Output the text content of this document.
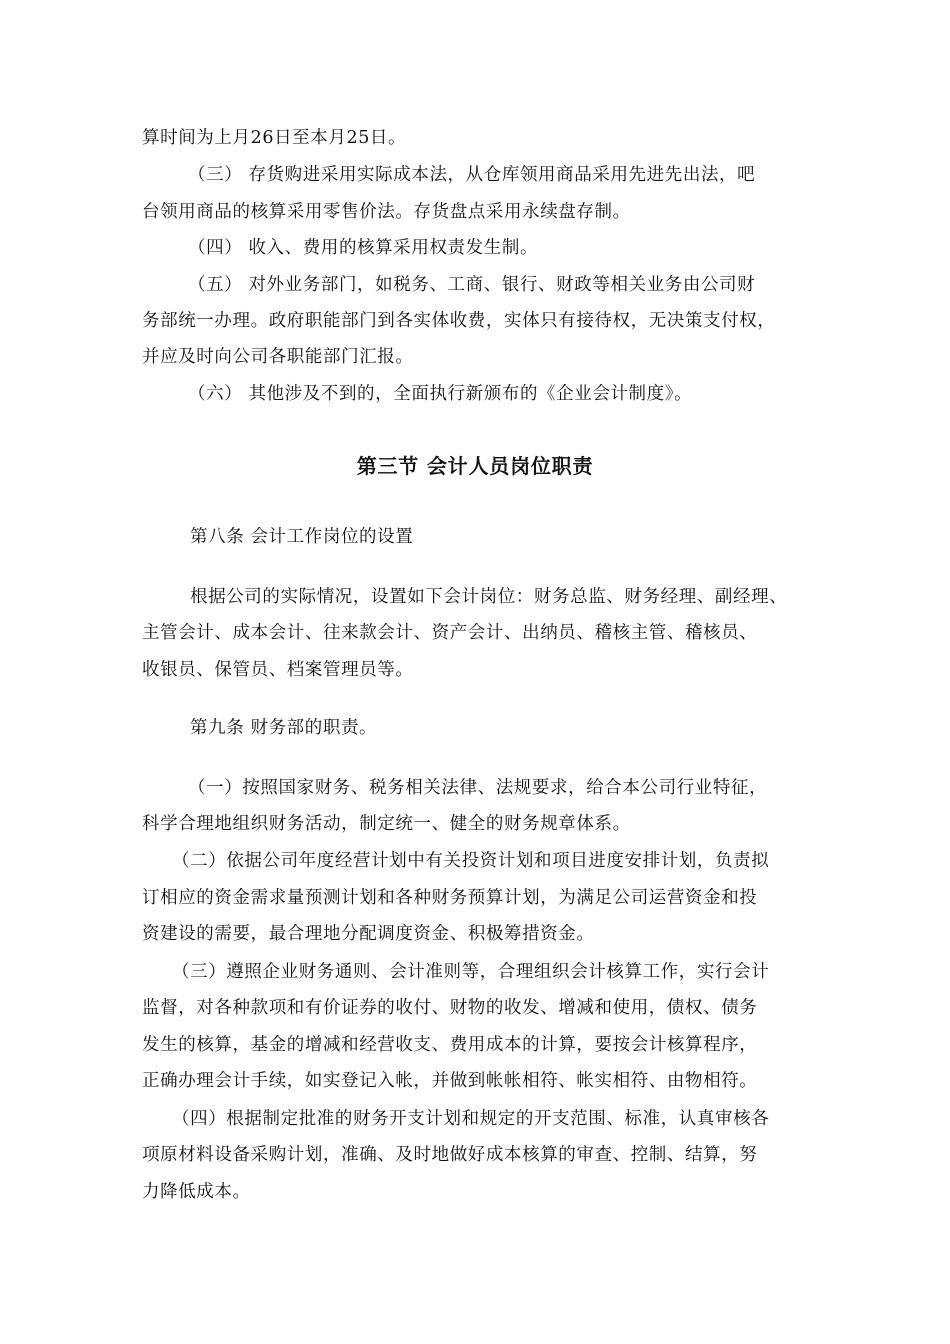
算时间为上月26日至本月25日。
（三） 存货购进采用实际成本法，从仓库领用商品采用先进先出法，吧
台领用商品的核算采用零售价法。存货盘点采用永续盘存制。
（四） 收入、费用的核算采用权责发生制。
（五） 对外业务部门，如税务、工商、银行、财政等相关业务由公司财
务部统一办理。政府职能部门到各实体收费，实体只有接待权，无决策支付权，
并应及时向公司各职能部门汇报。
（六） 其他涉及不到的，全面执行新颁布的《企业会计制度》。
第三节 会计人员岗位职责
第八条 会计工作岗位的设置
根据公司的实际情况，设置如下会计岗位：财务总监、财务经理、副经理、
主管会计、成本会计、往来款会计、资产会计、出纳员、稽核主管、稽核员、
收银员、保管员、档案管理员等。
第九条 财务部的职责。
（一）按照国家财务、税务相关法律、法规要求，给合本公司行业特征，
科学合理地组织财务活动，制定统一、健全的财务规章体系。
（二）依据公司年度经营计划中有关投资计划和项目进度安排计划，负责拟
订相应的资金需求量预测计划和各种财务预算计划，为满足公司运营资金和投
资建设的需要，最合理地分配调度资金、积极筹措资金。
（三）遵照企业财务通则、会计准则等，合理组织会计核算工作，实行会计
监督，对各种款项和有价证券的收付、财物的收发、增减和使用，债权、债务
发生的核算，基金的增减和经营收支、费用成本的计算，要按会计核算程序，
正确办理会计手续，如实登记入帐，并做到帐帐相符、帐实相符、由物相符。
（四）根据制定批准的财务开支计划和规定的开支范围、标准，认真审核各
项原材料设备采购计划，准确、及时地做好成本核算的审查、控制、结算，努
力降低成本。
